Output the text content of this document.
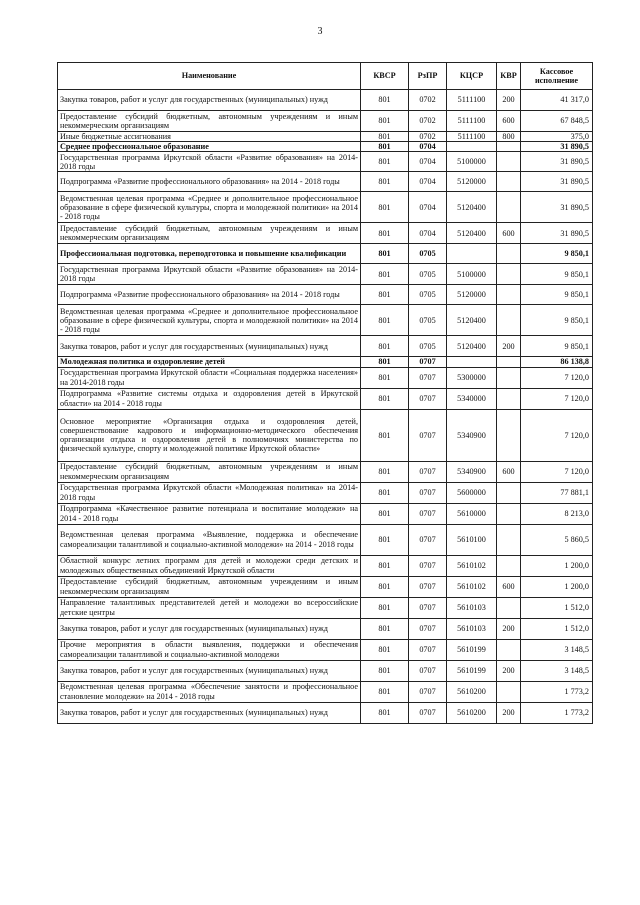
3
Наименование	КВСР	РзПР	КЦСР	КВР	Кассовое исполнение
Закупка товаров, работ и услуг для государственных (муниципальных) нужд	801	0702	5111100	200	41 317,0
Предоставление субсидий бюджетным, автономным учреждениям и иным некоммерческим организациям	801	0702	5111100	600	67 848,5
Иные бюджетные ассигнования	801	0702	5111100	800	375,0
Среднее профессиональное образование	801	0704			31 890,5
Государственная программа Иркутской области «Развитие образования» на 2014-2018 годы	801	0704	5100000		31 890,5
Подпрограмма «Развитие профессионального образования» на 2014 - 2018 годы	801	0704	5120000		31 890,5
Ведомственная целевая программа «Среднее и дополнительное профессиональное образование в сфере физической культуры, спорта и молодежной политики» на 2014 - 2018 годы	801	0704	5120400		31 890,5
Предоставление субсидий бюджетным, автономным учреждениям и иным некоммерческим организациям	801	0704	5120400	600	31 890,5
Профессиональная подготовка, переподготовка и повышение квалификации	801	0705			9 850,1
Государственная программа Иркутской области «Развитие образования» на 2014-2018 годы	801	0705	5100000		9 850,1
Подпрограмма «Развитие профессионального образования» на 2014 - 2018 годы	801	0705	5120000		9 850,1
Ведомственная целевая программа «Среднее и дополнительное профессиональное образование в сфере физической культуры, спорта и молодежной политики» на 2014 - 2018 годы	801	0705	5120400		9 850,1
Закупка товаров, работ и услуг для государственных (муниципальных) нужд	801	0705	5120400	200	9 850,1
Молодежная политика и оздоровление детей	801	0707			86 138,8
Государственная программа Иркутской области «Социальная поддержка населения» на 2014-2018 годы	801	0707	5300000		7 120,0
Подпрограмма «Развитие системы отдыха и оздоровления детей в Иркутской области» на 2014 - 2018 годы	801	0707	5340000		7 120,0
Основное мероприятие «Организация отдыха и оздоровления детей, совершенствование кадрового и информационно-методического обеспечения организации отдыха и оздоровления детей в полномочиях министерства по физической культуре, спорту и молодежной политике Иркутской области»	801	0707	5340900		7 120,0
Предоставление субсидий бюджетным, автономным учреждениям и иным некоммерческим организациям	801	0707	5340900	600	7 120,0
Государственная программа Иркутской области «Молодежная политика» на 2014-2018 годы	801	0707	5600000		77 881,1
Подпрограмма «Качественное развитие потенциала и воспитание молодежи» на 2014 - 2018 годы	801	0707	5610000		8 213,0
Ведомственная целевая программа «Выявление, поддержка и обеспечение самореализации талантливой и социально-активной молодежи» на 2014 - 2018 годы	801	0707	5610100		5 860,5
Областной конкурс летних программ для детей и молодежи среди детских и молодежных общественных объединений Иркутской области	801	0707	5610102		1 200,0
Предоставление субсидий бюджетным, автономным учреждениям и иным некоммерческим организациям	801	0707	5610102	600	1 200,0
Направление талантливых представителей детей и молодежи во всероссийские детские центры	801	0707	5610103		1 512,0
Закупка товаров, работ и услуг для государственных (муниципальных) нужд	801	0707	5610103	200	1 512,0
Прочие мероприятия в области выявления, поддержки и обеспечения самореализации талантливой и социально-активной молодежи	801	0707	5610199		3 148,5
Закупка товаров, работ и услуг для государственных (муниципальных) нужд	801	0707	5610199	200	3 148,5
Ведомственная целевая программа «Обеспечение занятости и профессиональное становление молодежи» на 2014 - 2018 годы	801	0707	5610200		1 773,2
Закупка товаров, работ и услуг для государственных (муниципальных) нужд	801	0707	5610200	200	1 773,2
